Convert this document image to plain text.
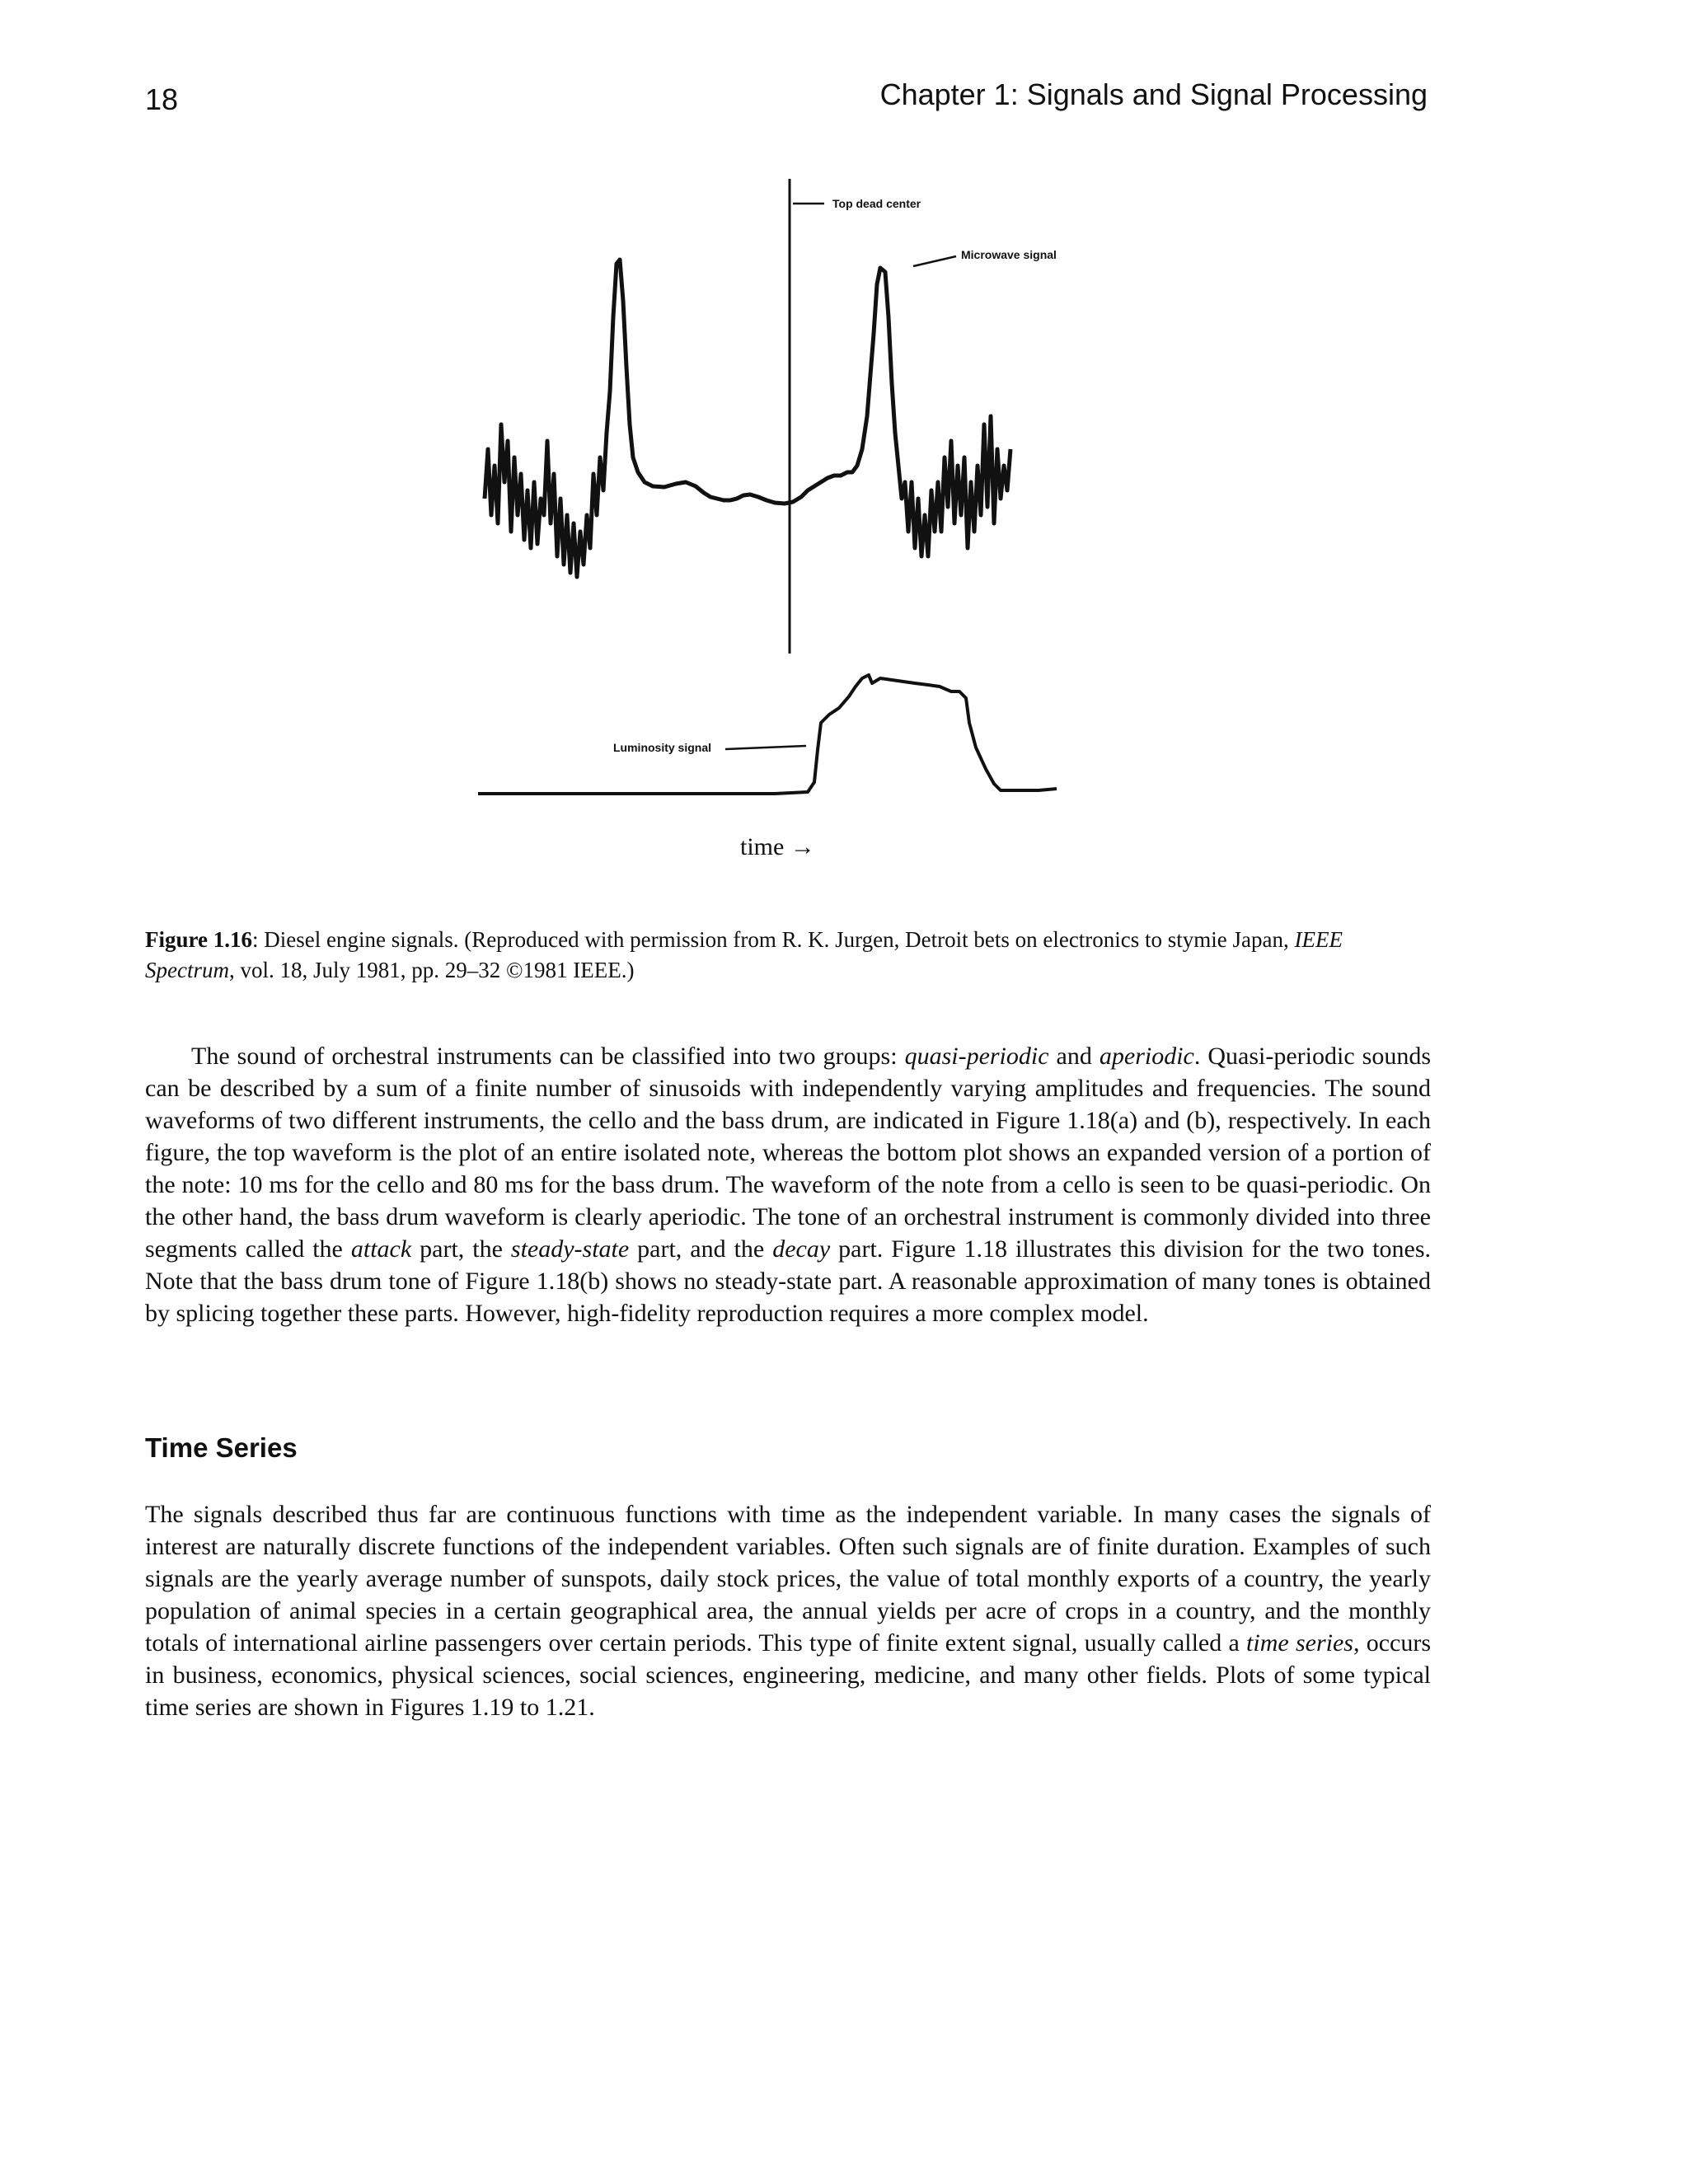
18	Chapter 1: Signals and Signal Processing
Top dead center
Microwave signal
Luminosity signal
time →

Figure 1.16: Diesel engine signals. (Reproduced with permission from R. K. Jurgen, Detroit bets on electronics to stymie Japan, IEEE Spectrum, vol. 18, July 1981, pp. 29–32 ©1981 IEEE.)

The sound of orchestral instruments can be classified into two groups: quasi-periodic and aperiodic. Quasi-periodic sounds can be described by a sum of a finite number of sinusoids with independently varying amplitudes and frequencies. The sound waveforms of two different instruments, the cello and the bass drum, are indicated in Figure 1.18(a) and (b), respectively. In each figure, the top waveform is the plot of an entire isolated note, whereas the bottom plot shows an expanded version of a portion of the note: 10 ms for the cello and 80 ms for the bass drum. The waveform of the note from a cello is seen to be quasi-periodic. On the other hand, the bass drum waveform is clearly aperiodic. The tone of an orchestral instrument is commonly divided into three segments called the attack part, the steady-state part, and the decay part. Figure 1.18 illustrates this division for the two tones. Note that the bass drum tone of Figure 1.18(b) shows no steady-state part. A reasonable approximation of many tones is obtained by splicing together these parts. However, high-fidelity reproduction requires a more complex model.

Time Series

The signals described thus far are continuous functions with time as the independent variable. In many cases the signals of interest are naturally discrete functions of the independent variables. Often such signals are of finite duration. Examples of such signals are the yearly average number of sunspots, daily stock prices, the value of total monthly exports of a country, the yearly population of animal species in a certain geographical area, the annual yields per acre of crops in a country, and the monthly totals of international airline passengers over certain periods. This type of finite extent signal, usually called a time series, occurs in business, economics, physical sciences, social sciences, engineering, medicine, and many other fields. Plots of some typical time series are shown in Figures 1.19 to 1.21.
